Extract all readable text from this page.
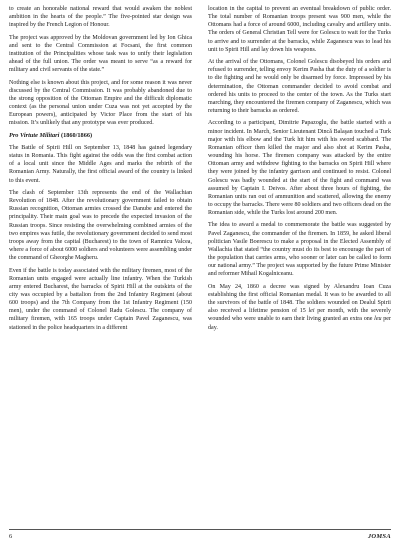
to create an honorable national reward that would awaken the noblest ambition in the hearts of the people.” The five-pointed star design was inspired by the French Legion of Honour.

The project was approved by the Moldovan government led by Ion Ghica and sent to the Central Commission at Focsani, the first common institution of the Principalities whose task was to unify their legislation ahead of the full union. The order was meant to serve “as a reward for military and civil servants of the state.”

Nothing else is known about this project, and for some reason it was never discussed by the Central Commission. It was probably abandoned due to the strong opposition of the Ottoman Empire and the difficult diplomatic context (as the personal union under Cuza was not yet accepted by the European powers), anticipated by Victor Place from the start of his mission. It’s unlikely that any prototype was ever produced.

Pro Virtute Militari (1860/1866)

The Battle of Spirii Hill on September 13, 1848 has gained legendary status in Romania. This fight against the odds was the first combat action of a local unit since the Middle Ages and marks the rebirth of the Romanian Army. Naturally, the first official award of the country is linked to this event.

The clash of September 13th represents the end of the Wallachian Revolution of 1848. After the revolutionary government failed to obtain Russian recognition, Ottoman armies crossed the Danube and entered the principality. Their main goal was to precede the expected invasion of the Russian troops. Since resisting the overwhelming combined armies of the two empires was futile, the revolutionary government decided to send most troops away from the capital (Bucharest) to the town of Ramnicu Valcea, where a force of about 6000 soldiers and volunteers were assembling under the command of Gheorghe Magheru.

Even if the battle is today associated with the military firemen, most of the Romanian units engaged were actually line infantry. When the Turkish army entered Bucharest, the barracks of Spirii Hill at the outskirts of the city was occupied by a battalion from the 2nd Infantry Regiment (about 600 troops) and the 7th Company from the 1st Infantry Regiment (150 men), under the command of Colonel Radu Golescu. The company of military firemen, with 165 troops under Captain Pavel Zaganescu, was stationed in the police headquarters in a different

location in the capital to prevent an eventual breakdown of public order. The total number of Romanian troops present was 900 men, while the Ottomans had a force of around 6000, including cavalry and artillery units. The orders of General Christian Tell were for Golescu to wait for the Turks to arrive and to surrender at the barracks, while Zaganescu was to lead his unit to Spirii Hill and lay down his weapons.

At the arrival of the Ottomans, Colonel Golescu disobeyed his orders and refused to surrender, telling envoy Kerim Pasha that the duty of a soldier is to die fighting and he would only be disarmed by force. Impressed by his determination, the Ottoman commander decided to avoid combat and ordered his units to proceed to the center of the town. As the Turks start marching, they encountered the firemen company of Zaganescu, which was returning to their barracks as ordered.

According to a participant, Dimitrie Papazoglu, the battle started with a minor incident. In March, Senior Lieutenant Dincă Balaşan touched a Turk major with his elbow and the Turk hit him with his sword scabbard. The Romanian officer then killed the major and also shot at Kerim Pasha, wounding his horse. The firemen company was attacked by the entire Ottoman army and withdrew fighting to the barracks on Spirii Hill where they were joined by the infantry garrison and continued to resist. Colonel Golescu was badly wounded at the start of the fight and command was assumed by Captain I. Deivos. After about three hours of fighting, the Romanian units ran out of ammunition and scattered, allowing the enemy to occupy the barracks. There were 80 soldiers and two officers dead on the Romanian side, while the Turks lost around 200 men.

The idea to award a medal to commemorate the battle was suggested by Pavel Zaganescu, the commander of the firemen. In 1859, he asked liberal politician Vasile Boerescu to make a proposal in the Elected Assembly of Wallachia that stated “the country must do its best to encourage the part of the population that carries arms, who sooner or later can be called to form our national army.” The project was supported by the future Prime Minister and reformer Mihail Kogalniceanu.

On May 24, 1860 a decree was signed by Alexandru Ioan Cuza establishing the first official Romanian medal. It was to be awarded to all the survivors of the battle of 1848. The soldiers wounded on Dealul Spirii also received a lifetime pension of 15 lei per month, with the severely wounded who were unable to earn their living granted an extra one leu per day.

6	JOMSA
